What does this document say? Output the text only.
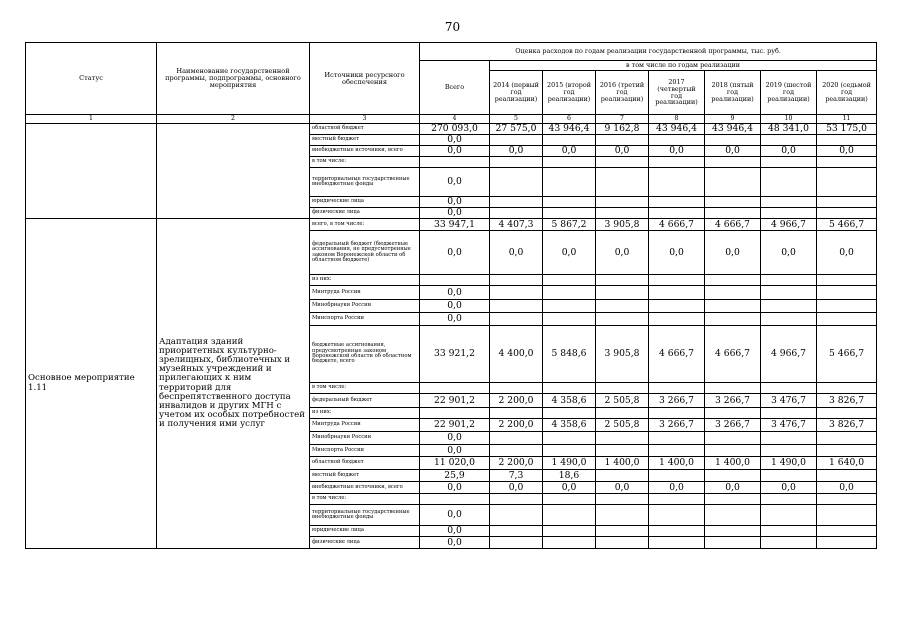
70
Статус	Наименование государственной программы, подпрограммы, основного мероприятия	Источники ресурсного обеспечения	Оценка расходов по годам реализации государственной программы, тыс. руб.							
			Всего	в том числе по годам реализации						
				2014 (первый год реализации)	2015 (второй год реализации)	2016 (третий год реализации)	2017 (четвертый год реализации)	2018 (пятый год реализации)	2019 (шестой год реализации)	2020 (седьмой год реализации)
1	2	3	4	5	6	7	8	9	10	11
		областной бюджет	270 093,0	27 575,0	43 946,4	9 162,8	43 946,4	43 946,4	48 341,0	53 175,0
		местный бюджет	0,0							
		внебюджетные источники, всего	0,0	0,0	0,0	0,0	0,0	0,0	0,0	0,0
		в том числе:								
		территориальные государственные внебюджетные фонды	0,0							
		юридические лица	0,0							
		физические лица	0,0							
Основное мероприятие 1.11	Адаптация зданий приоритетных культурно-зрелищных, библиотечных и музейных учреждений и прилегающих к ним территорий для беспрепятственного доступа инвалидов и других МГН с учетом их особых потребностей и получения ими услуг	всего, в том числе:	33 947,1	4 407,3	5 867,2	3 905,8	4 666,7	4 666,7	4 966,7	5 466,7
		федеральный бюджет (бюджетные ассигнования, не предусмотренные законом Воронежской области об областном бюджете)	0,0	0,0	0,0	0,0	0,0	0,0	0,0	0,0
		из них:								
		Минтруда России	0,0							
		Минобрнауки России	0,0							
		Минспорта России	0,0							
		бюджетные ассигнования, предусмотренные законом Воронежской области об областном бюджете, всего	33 921,2	4 400,0	5 848,6	3 905,8	4 666,7	4 666,7	4 966,7	5 466,7
		в том числе:								
		федеральный бюджет	22 901,2	2 200,0	4 358,6	2 505,8	3 266,7	3 266,7	3 476,7	3 826,7
		из них:								
		Минтруда России	22 901,2	2 200,0	4 358,6	2 505,8	3 266,7	3 266,7	3 476,7	3 826,7
		Минобрнауки России	0,0							
		Минспорта России	0,0							
		областной бюджет	11 020,0	2 200,0	1 490,0	1 400,0	1 400,0	1 400,0	1 490,0	1 640,0
		местный бюджет	25,9	7,3	18,6					
		внебюджетные источники, всего	0,0	0,0	0,0	0,0	0,0	0,0	0,0	0,0
		в том числе:								
		территориальные государственные внебюджетные фонды	0,0							
		юридические лица	0,0							
		физические лица	0,0							
